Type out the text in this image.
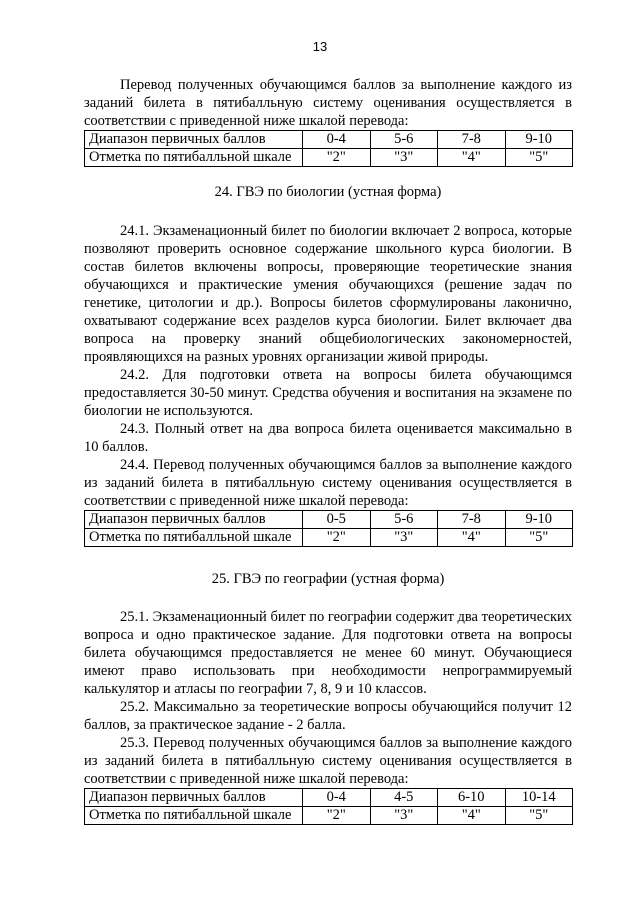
13

Перевод полученных обучающимся баллов за выполнение каждого из заданий билета в пятибалльную систему оценивания осуществляется в соответствии с приведенной ниже шкалой перевода:

Диапазон первичных баллов	0-4	5-6	7-8	9-10
Отметка по пятибалльной шкале	"2"	"3"	"4"	"5"

24. ГВЭ по биологии (устная форма)

24.1. Экзаменационный билет по биологии включает 2 вопроса, которые позволяют проверить основное содержание школьного курса биологии. В состав билетов включены вопросы, проверяющие теоретические знания обучающихся и практические умения обучающихся (решение задач по генетике, цитологии и др.). Вопросы билетов сформулированы лаконично, охватывают содержание всех разделов курса биологии. Билет включает два вопроса на проверку знаний общебиологических закономерностей, проявляющихся на разных уровнях организации живой природы.

24.2. Для подготовки ответа на вопросы билета обучающимся предоставляется 30-50 минут. Средства обучения и воспитания на экзамене по биологии не используются.

24.3. Полный ответ на два вопроса билета оценивается максимально в 10 баллов.

24.4. Перевод полученных обучающимся баллов за выполнение каждого из заданий билета в пятибалльную систему оценивания осуществляется в соответствии с приведенной ниже шкалой перевода:

Диапазон первичных баллов	0-5	5-6	7-8	9-10
Отметка по пятибалльной шкале	"2"	"3"	"4"	"5"

25. ГВЭ по географии (устная форма)

25.1. Экзаменационный билет по географии содержит два теоретических вопроса и одно практическое задание. Для подготовки ответа на вопросы билета обучающимся предоставляется не менее 60 минут. Обучающиеся имеют право использовать при необходимости непрограммируемый калькулятор и атласы по географии 7, 8, 9 и 10 классов.

25.2. Максимально за теоретические вопросы обучающийся получит 12 баллов, за практическое задание - 2 балла.

25.3. Перевод полученных обучающимся баллов за выполнение каждого из заданий билета в пятибалльную систему оценивания осуществляется в соответствии с приведенной ниже шкалой перевода:

Диапазон первичных баллов	0-4	4-5	6-10	10-14
Отметка по пятибалльной шкале	"2"	"3"	"4"	"5"
